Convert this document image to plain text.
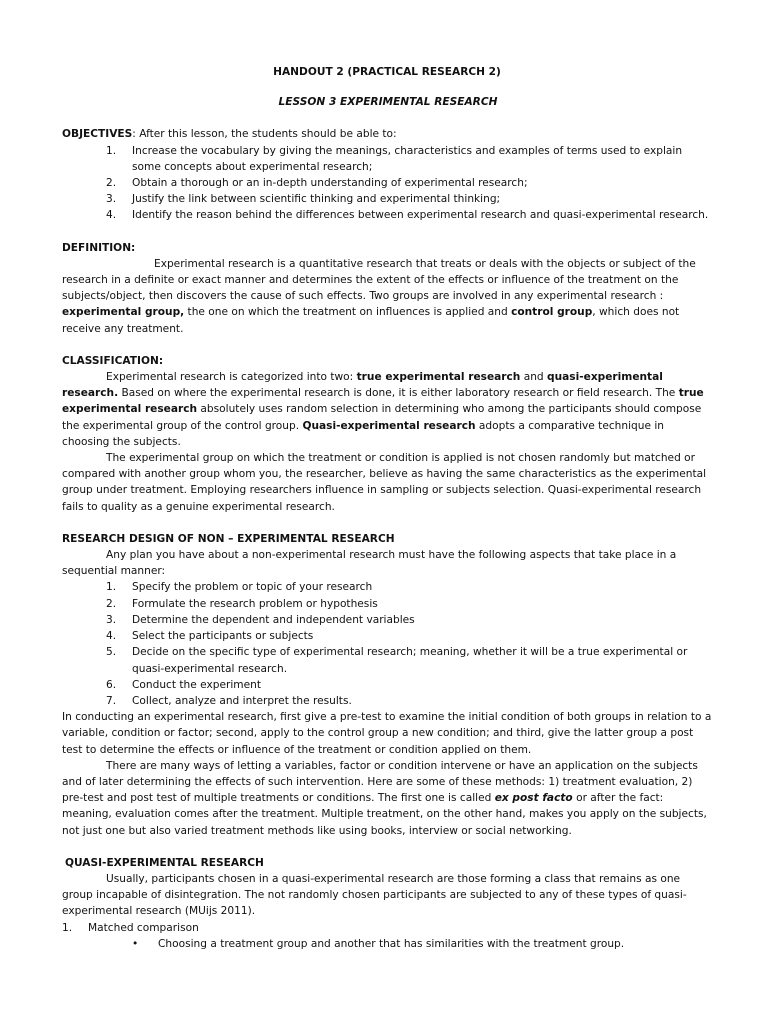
HANDOUT 2 (PRACTICAL RESEARCH 2)
LESSON 3 EXPERIMENTAL RESEARCH

OBJECTIVES: After this lesson, the students should be able to:

1. Increase the vocabulary by giving the meanings, characteristics and examples of terms used to explain some concepts about experimental research;
2. Obtain a thorough or an in-depth understanding of experimental research;
3. Justify the link between scientific thinking and experimental thinking;
4. Identify the reason behind the differences between experimental research and quasi-experimental research.
DEFINITION:

Experimental research is a quantitative research that treats or deals with the objects or subject of the research in a definite or exact manner and determines the extent of the effects or influence of the treatment on the subjects/object, then discovers the cause of such effects. Two groups are involved in any experimental research : experimental group, the one on which the treatment on influences is applied and control group, which does not receive any treatment.

CLASSIFICATION:

Experimental research is categorized into two: true experimental research and quasi-experimental research. Based on where the experimental research is done, it is either laboratory research or field research. The true experimental research absolutely uses random selection in determining who among the participants should compose the experimental group of the control group. Quasi-experimental research adopts a comparative technique in choosing the subjects.

The experimental group on which the treatment or condition is applied is not chosen randomly but matched or compared with another group whom you, the researcher, believe as having the same characteristics as the experimental group under treatment. Employing researchers influence in sampling or subjects selection. Quasi-experimental research fails to quality as a genuine experimental research.

RESEARCH DESIGN OF NON – EXPERIMENTAL RESEARCH

Any plan you have about a non-experimental research must have the following aspects that take place in a sequential manner:

1. Specify the problem or topic of your research
2. Formulate the research problem or hypothesis
3. Determine the dependent and independent variables
4. Select the participants or subjects
5. Decide on the specific type of experimental research; meaning, whether it will be a true experimental or quasi-experimental research.
6. Conduct the experiment
7. Collect, analyze and interpret the results.

In conducting an experimental research, first give a pre-test to examine the initial condition of both groups in relation to a variable, condition or factor; second, apply to the control group a new condition; and third, give the latter group a post test to determine the effects or influence of the treatment or condition applied on them.

There are many ways of letting a variables, factor or condition intervene or have an application on the subjects and of later determining the effects of such intervention. Here are some of these methods: 1) treatment evaluation, 2) pre-test and post test of multiple treatments or conditions. The first one is called ex post facto or after the fact: meaning, evaluation comes after the treatment. Multiple treatment, on the other hand, makes you apply on the subjects, not just one but also varied treatment methods like using books, interview or social networking.

QUASI-EXPERIMENTAL RESEARCH

Usually, participants chosen in a quasi-experimental research are those forming a class that remains as one group incapable of disintegration. The not randomly chosen participants are subjected to any of these types of quasi-experimental research (MUijs 2011).

1. Matched comparison
• Choosing a treatment group and another that has similarities with the treatment group.
